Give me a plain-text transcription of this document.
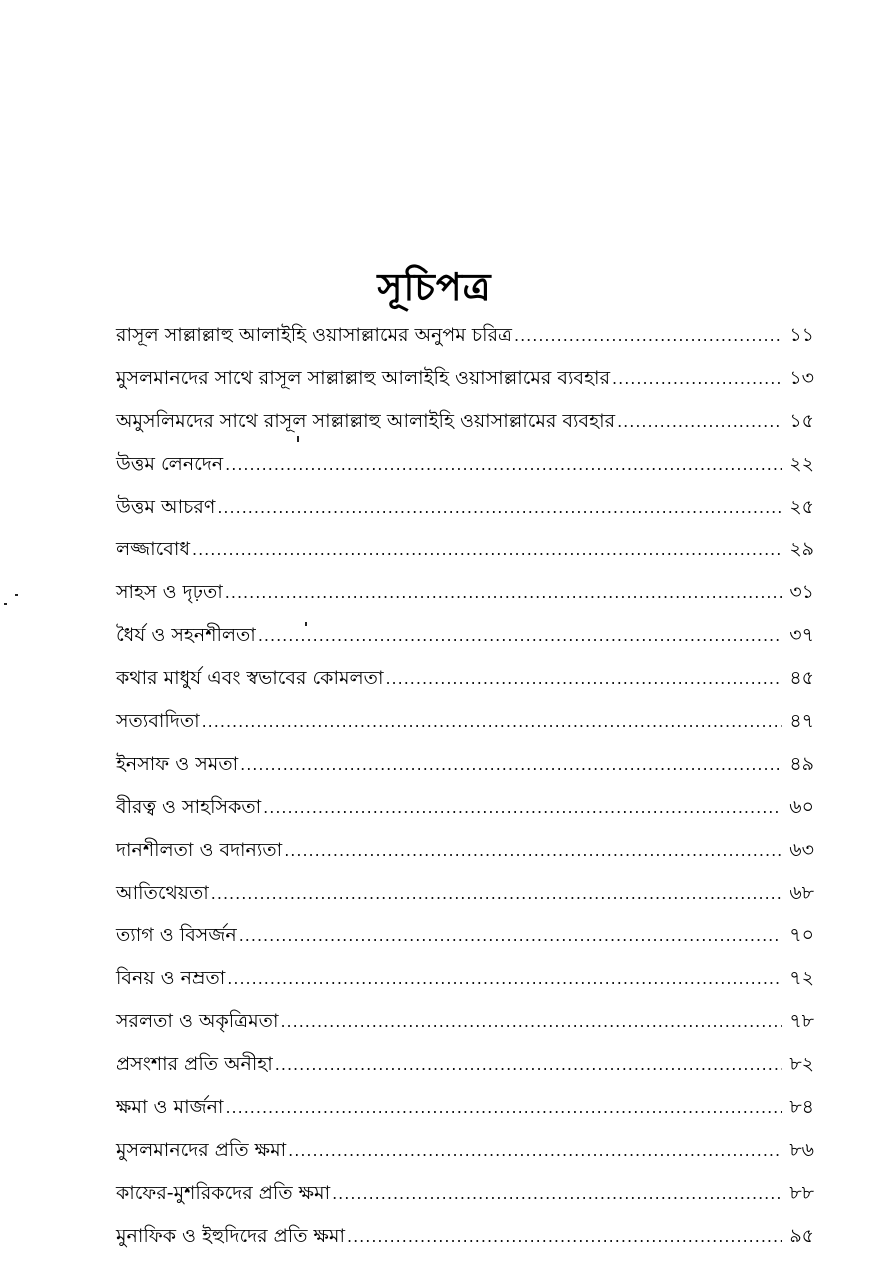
সূচিপত্র
রাসূল সাল্লাল্লাহু আলাইহি ওয়াসাল্লামের অনুপম চরিত্র .....	১১
মুসলমানদের সাথে রাসূল সাল্লাল্লাহু আলাইহি ওয়াসাল্লামের ব্যবহার .....	১৩
অমুসলিমদের সাথে রাসূল সাল্লাল্লাহু আলাইহি ওয়াসাল্লামের ব্যবহার .....	১৫
উত্তম লেনদেন .....	২২
উত্তম আচরণ .....	২৫
লজ্জাবোধ .....	২৯
সাহস ও দৃঢ়তা .....	৩১
ধৈর্য ও সহনশীলতা .....	৩৭
কথার মাধুর্য এবং স্বভাবের কোমলতা .....	৪৫
সত্যবাদিতা .....	৪৭
ইনসাফ ও সমতা .....	৪৯
বীরত্ব ও সাহসিকতা .....	৬০
দানশীলতা ও বদান্যতা .....	৬৩
আতিথেয়তা .....	৬৮
ত্যাগ ও বিসর্জন .....	৭০
বিনয় ও নম্রতা .....	৭২
সরলতা ও অকৃত্রিমতা .....	৭৮
প্রসংশার প্রতি অনীহা .....	৮২
ক্ষমা ও মার্জনা .....	৮৪
মুসলমানদের প্রতি ক্ষমা .....	৮৬
কাফের-মুশরিকদের প্রতি ক্ষমা .....	৮৮
মুনাফিক ও ইহুদিদের প্রতি ক্ষমা .....	৯৫
